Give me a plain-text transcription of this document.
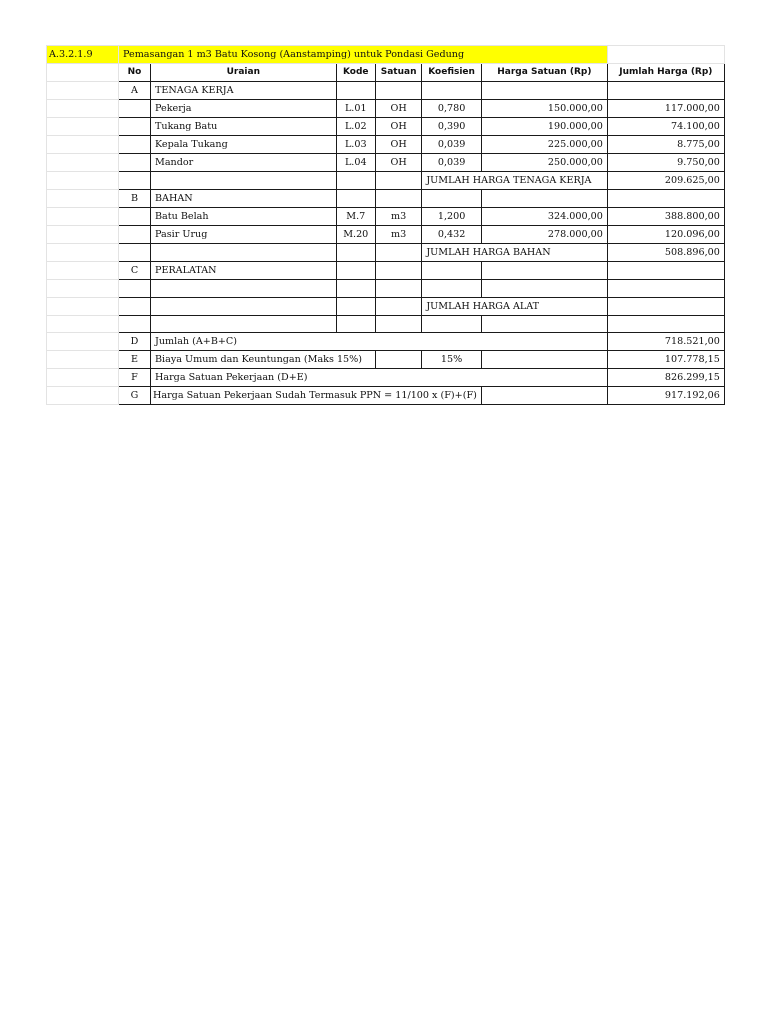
A.3.2.1.9	Pemasangan 1 m3 Batu Kosong (Aanstamping) untuk Pondasi Gedung						
	No	Uraian	Kode	Satuan	Koefisien	Harga Satuan (Rp)	Jumlah Harga (Rp)
	A	TENAGA KERJA					
		Pekerja	L.01	OH	0,780	150.000,00	117.000,00
		Tukang Batu	L.02	OH	0,390	190.000,00	74.100,00
		Kepala Tukang	L.03	OH	0,039	225.000,00	8.775,00
		Mandor	L.04	OH	0,039	250.000,00	9.750,00
					JUMLAH HARGA TENAGA KERJA		209.625,00
	B	BAHAN					
		Batu Belah	M.7	m3	1,200	324.000,00	388.800,00
		Pasir Urug	M.20	m3	0,432	278.000,00	120.096,00
					JUMLAH HARGA BAHAN		508.896,00
	C	PERALATAN					

					JUMLAH HARGA ALAT		

	D	Jumlah (A+B+C)					718.521,00
	E	Biaya Umum dan Keuntungan (Maks 15%)			15%		107.778,15
	F	Harga Satuan Pekerjaan (D+E)					826.299,15
	G	Harga Satuan Pekerjaan Sudah Termasuk PPN = 11/100 x (F)+(F)					917.192,06
